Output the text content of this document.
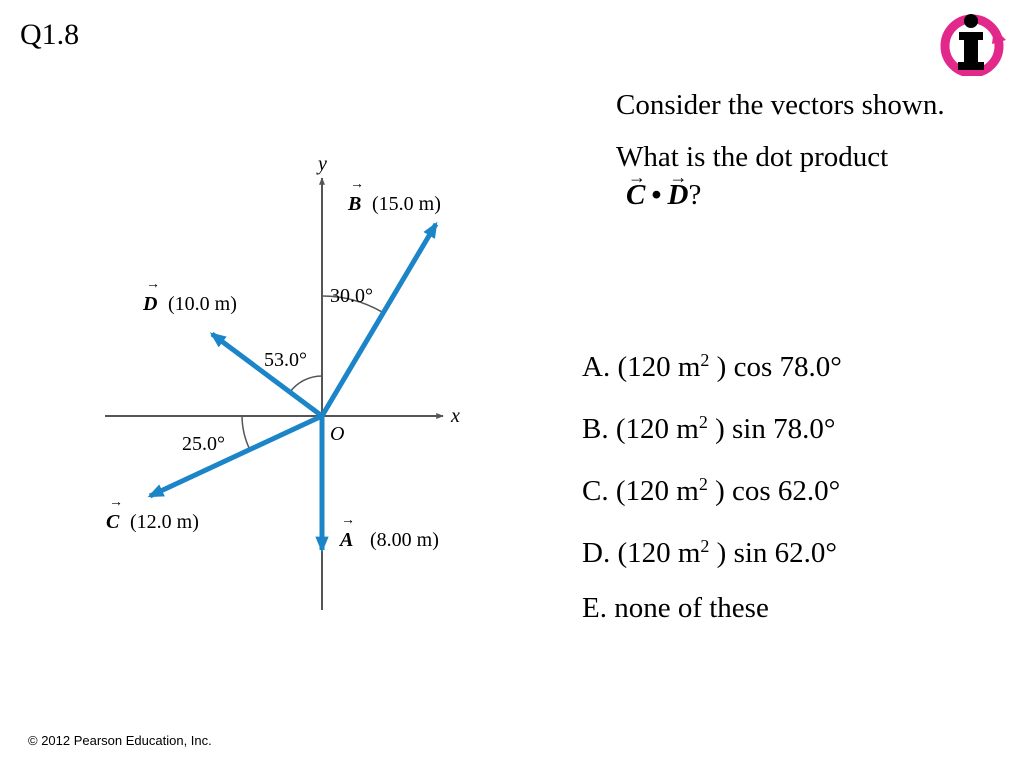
Q1.8

Consider the vectors shown.

What is the dot product
→ C •→ D?

A. (120 $m^2$ ) cos 78.0°
B. (120 $m^2$ ) sin 78.0°
C. (120 $m^2$ ) cos 62.0°
D. (120 $m^2$ ) sin 62.0°
E. none of these
y
x
O
30.0°
53.0°
25.0°
→
B (15.0 m)
→
D (10.0 m)
→
C (12.0 m)	→
A (8.00 m)
© 2012 Pearson Education, Inc.
